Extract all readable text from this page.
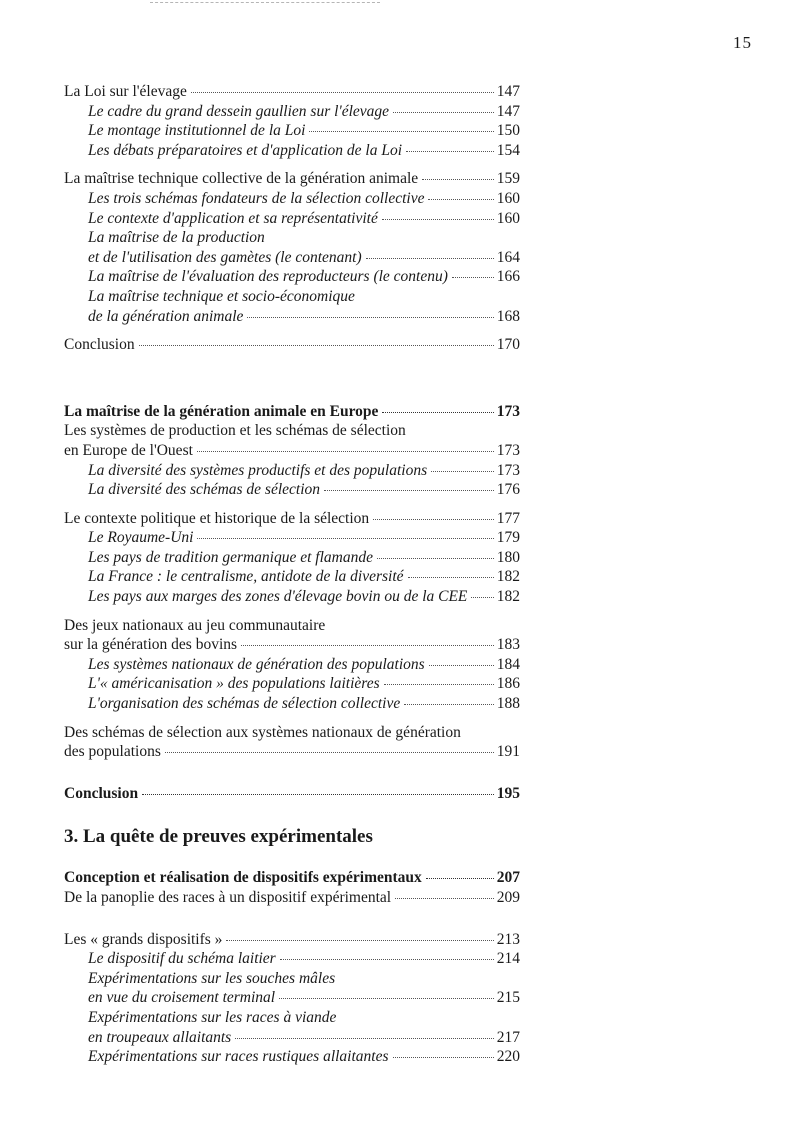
15
La Loi sur l'élevage	147
Le cadre du grand dessein gaullien sur l'élevage	147
Le montage institutionnel de la Loi	150
Les débats préparatoires et d'application de la Loi	154
La maîtrise technique collective de la génération animale	159
Les trois schémas fondateurs de la sélection collective	160
Le contexte d'application et sa représentativité	160
La maîtrise de la production
et de l'utilisation des gamètes (le contenant)	164
La maîtrise de l'évaluation des reproducteurs (le contenu)	166
La maîtrise technique et socio-économique
de la génération animale	168
Conclusion	170
La maîtrise de la génération animale en Europe	173
Les systèmes de production et les schémas de sélection
en Europe de l'Ouest	173
La diversité des systèmes productifs et des populations	173
La diversité des schémas de sélection	176
Le contexte politique et historique de la sélection	177
Le Royaume-Uni	179
Les pays de tradition germanique et flamande	180
La France : le centralisme, antidote de la diversité	182
Les pays aux marges des zones d'élevage bovin ou de la CEE 182
Des jeux nationaux au jeu communautaire
sur la génération des bovins	183
Les systèmes nationaux de génération des populations	184
L'« américanisation » des populations laitières	186
L'organisation des schémas de sélection collective	188
Des schémas de sélection aux systèmes nationaux de génération
des populations	191
Conclusion	195
3. La quête de preuves expérimentales
Conception et réalisation de dispositifs expérimentaux	207
De la panoplie des races à un dispositif expérimental	209
Les « grands dispositifs »	213
Le dispositif du schéma laitier	214
Expérimentations sur les souches mâles
en vue du croisement terminal	215
Expérimentations sur les races à viande
en troupeaux allaitants	217
Expérimentations sur races rustiques allaitantes	220
